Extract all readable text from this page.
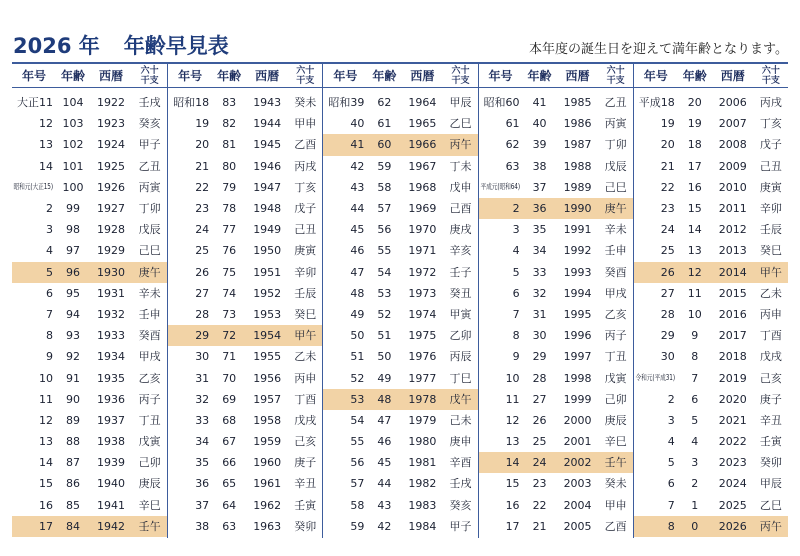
2026 年 年齢早見表	本年度の誕生日を迎えて満年齢となります。
年号	年齢	西暦	六十
干支
大正11 104	1922	壬戌
12 103	1923	癸亥
13 102	1924	甲子
14 101	1925	乙丑
昭和元(大正15) 100	1926	丙寅
2	99	1927	丁卯
3	98	1928	戊辰
4	97	1929	己巳
5	96	1930	庚午
6	95	1931	辛未
7	94	1932	壬申
8	93	1933	癸酉
9	92	1934	甲戌
10	91	1935	乙亥
11	90	1936	丙子
12	89	1937	丁丑
13	88	1938	戊寅
14	87	1939	己卯
15	86	1940	庚辰
16	85	1941	辛巳
17	84	1942	壬午
年号	年齢	西暦	六十
干支
昭和18	83	1943	癸未
19	82	1944	甲申
20	81	1945	乙酉
21	80	1946	丙戌
22	79	1947	丁亥
23	78	1948	戊子
24	77	1949	己丑
25	76	1950	庚寅
26	75	1951	辛卯
27	74	1952	壬辰
28	73	1953	癸巳
29	72	1954	甲午
30	71	1955	乙未
31	70	1956	丙申
32	69	1957	丁酉
33	68	1958	戊戌
34	67	1959	己亥
35	66	1960	庚子
36	65	1961	辛丑
37	64	1962	壬寅
38	63	1963	癸卯
年号	年齢	西暦	六十
干支
昭和39	62	1964	甲辰
40	61	1965	乙巳
41	60	1966	丙午
42	59	1967	丁未
43	58	1968	戊申
44	57	1969	己酉
45	56	1970	庚戌
46	55	1971	辛亥
47	54	1972	壬子
48	53	1973	癸丑
49	52	1974	甲寅
50	51	1975	乙卯
51	50	1976	丙辰
52	49	1977	丁巳
53	48	1978	戊午
54	47	1979	己未
55	46	1980	庚申
56	45	1981	辛酉
57	44	1982	壬戌
58	43	1983	癸亥
59	42	1984	甲子
年号	年齢	西暦	六十
干支
昭和60	41	1985	乙丑
61	40	1986	丙寅
62	39	1987	丁卯
63	38	1988	戊辰
平成元(昭和64)	37	1989	己巳
2	36	1990	庚午
3	35	1991	辛未
4	34	1992	壬申
5	33	1993	癸酉
6	32	1994	甲戌
7	31	1995	乙亥
8	30	1996	丙子
9	29	1997	丁丑
10	28	1998	戊寅
11	27	1999	己卯
12	26	2000	庚辰
13	25	2001	辛巳
14	24	2002	壬午
15	23	2003	癸未
16	22	2004	甲申
17	21	2005	乙酉
年号	年齢	西暦	六十
干支
平成18	20	2006	丙戌
19	19	2007	丁亥
20	18	2008	戊子
21	17	2009	己丑
22	16	2010	庚寅
23	15	2011	辛卯
24	14	2012	壬辰
25	13	2013	癸巳
26	12	2014	甲午
27	11	2015	乙未
28	10	2016	丙申
29	9	2017	丁酉
30	8	2018	戊戌
令和元(平成31)	7	2019	己亥
2	6	2020	庚子
3	5	2021	辛丑
4	4	2022	壬寅
5	3	2023	癸卯
6	2	2024	甲辰
7	1	2025	乙巳
8	0	2026	丙午
